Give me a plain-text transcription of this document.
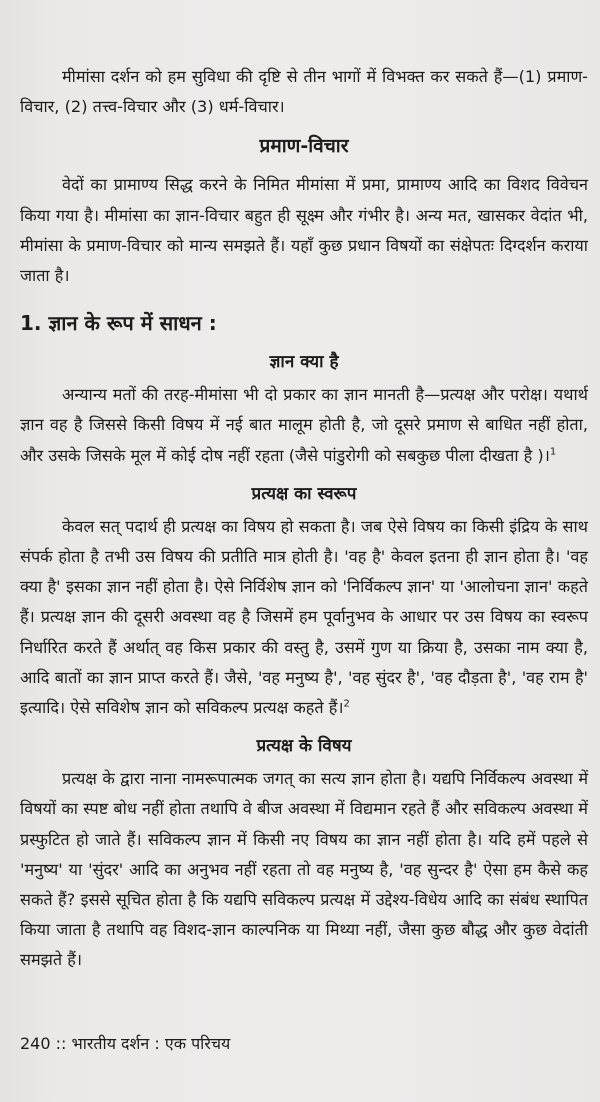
मीमांसा दर्शन को हम सुविधा की दृष्टि से तीन भागों में विभक्त कर सकते हैं—(1) प्रमाण-विचार, (2) तत्त्व-विचार और (3) धर्म-विचार।

प्रमाण-विचार

वेदों का प्रामाण्य सिद्ध करने के निमित मीमांसा में प्रमा, प्रामाण्य आदि का विशद विवेचन किया गया है। मीमांसा का ज्ञान-विचार बहुत ही सूक्ष्म और गंभीर है। अन्य मत, खासकर वेदांत भी, मीमांसा के प्रमाण-विचार को मान्य समझते हैं। यहाँ कुछ प्रधान विषयों का संक्षेपतः दिग्दर्शन कराया जाता है।

1. ज्ञान के रूप में साधन :
ज्ञान क्या है

अन्यान्य मतों की तरह-मीमांसा भी दो प्रकार का ज्ञान मानती है—प्रत्यक्ष और परोक्ष। यथार्थ ज्ञान वह है जिससे किसी विषय में नई बात मालूम होती है, जो दूसरे प्रमाण से बाधित नहीं होता, और उसके जिसके मूल में कोई दोष नहीं रहता (जैसे पांडुरोगी को सबकुछ पीला दीखता है )।$^1$

प्रत्यक्ष का स्वरूप

केवल सत् पदार्थ ही प्रत्यक्ष का विषय हो सकता है। जब ऐसे विषय का किसी इंद्रिय के साथ संपर्क होता है तभी उस विषय की प्रतीति मात्र होती है। 'वह है' केवल इतना ही ज्ञान होता है। 'वह क्या है' इसका ज्ञान नहीं होता है। ऐसे निर्विशेष ज्ञान को 'निर्विकल्प ज्ञान' या 'आलोचना ज्ञान' कहते हैं। प्रत्यक्ष ज्ञान की दूसरी अवस्था वह है जिसमें हम पूर्वानुभव के आधार पर उस विषय का स्वरूप निर्धारित करते हैं अर्थात् वह किस प्रकार की वस्तु है, उसमें गुण या क्रिया है, उसका नाम क्या है, आदि बातों का ज्ञान प्राप्त करते हैं। जैसे, 'वह मनुष्य है', 'वह सुंदर है', 'वह दौड़ता है', 'वह राम है' इत्यादि। ऐसे सविशेष ज्ञान को सविकल्प प्रत्यक्ष कहते हैं।$^2$

प्रत्यक्ष के विषय

प्रत्यक्ष के द्वारा नाना नामरूपात्मक जगत् का सत्य ज्ञान होता है। यद्यपि निर्विकल्प अवस्था में विषयों का स्पष्ट बोध नहीं होता तथापि वे बीज अवस्था में विद्यमान रहते हैं और सविकल्प अवस्था में प्रस्फुटित हो जाते हैं। सविकल्प ज्ञान में किसी नए विषय का ज्ञान नहीं होता है। यदि हमें पहले से 'मनुष्य' या 'सुंदर' आदि का अनुभव नहीं रहता तो वह मनुष्य है, 'वह सुन्दर है' ऐसा हम कैसे कह सकते हैं? इससे सूचित होता है कि यद्यपि सविकल्प प्रत्यक्ष में उद्देश्य-विधेय आदि का संबंध स्थापित किया जाता है तथापि वह विशद-ज्ञान काल्पनिक या मिथ्या नहीं, जैसा कुछ बौद्ध और कुछ वेदांती समझते हैं।

240 :: भारतीय दर्शन : एक परिचय
